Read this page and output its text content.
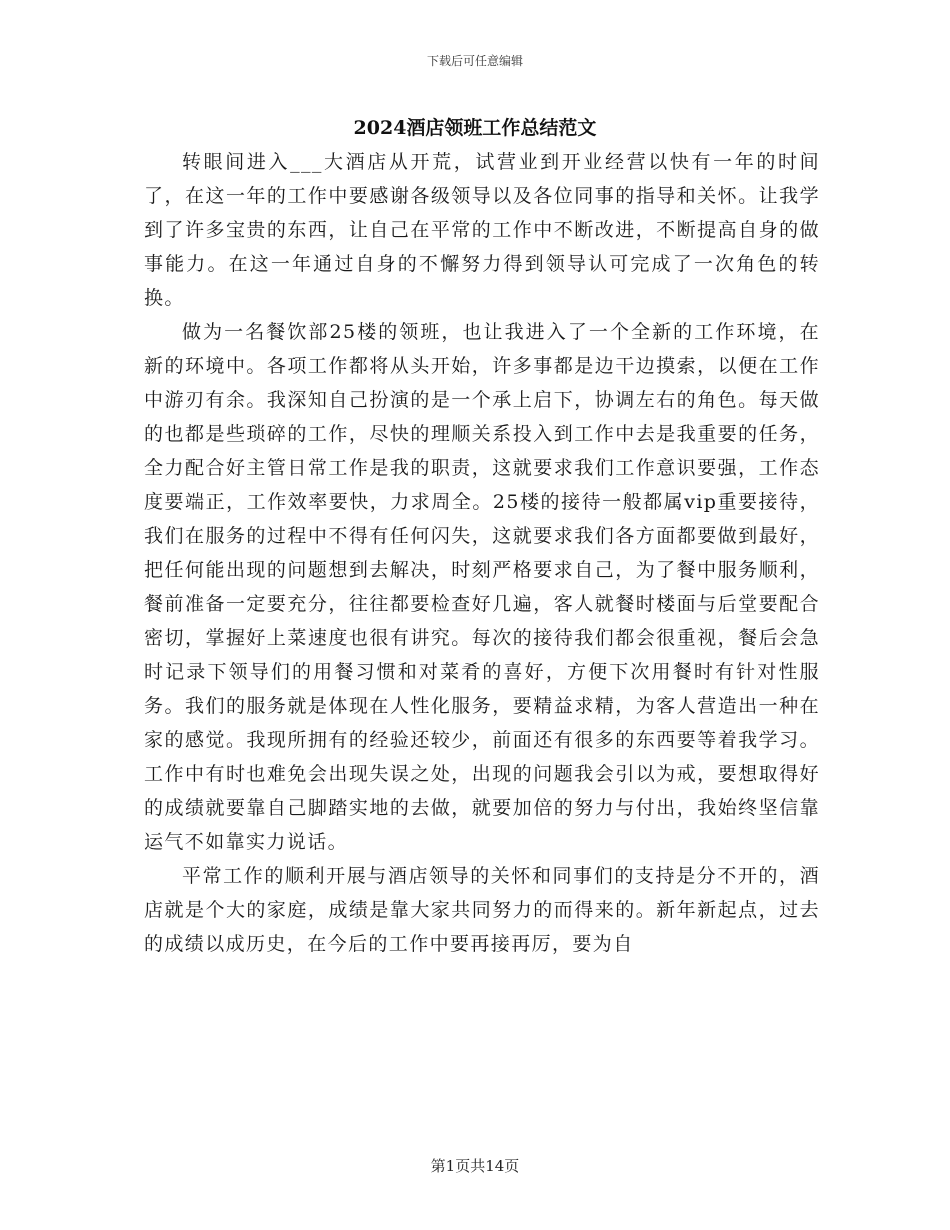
下载后可任意编辑
2024酒店领班工作总结范文

转眼间进入___大酒店从开荒，试营业到开业经营以快有一年的时间了，在这一年的工作中要感谢各级领导以及各位同事的指导和关怀。让我学到了许多宝贵的东西，让自己在平常的工作中不断改进，不断提高自身的做事能力。在这一年通过自身的不懈努力得到领导认可完成了一次角色的转换。

做为一名餐饮部25楼的领班，也让我进入了一个全新的工作环境，在新的环境中。各项工作都将从头开始，许多事都是边干边摸索，以便在工作中游刃有余。我深知自己扮演的是一个承上启下，协调左右的角色。每天做的也都是些琐碎的工作，尽快的理顺关系投入到工作中去是我重要的任务，全力配合好主管日常工作是我的职责，这就要求我们工作意识要强，工作态度要端正，工作效率要快，力求周全。25楼的接待一般都属vip重要接待，我们在服务的过程中不得有任何闪失，这就要求我们各方面都要做到最好，把任何能出现的问题想到去解决，时刻严格要求自己，为了餐中服务顺利，餐前准备一定要充分，往往都要检查好几遍，客人就餐时楼面与后堂要配合密切，掌握好上菜速度也很有讲究。每次的接待我们都会很重视，餐后会急时记录下领导们的用餐习惯和对菜肴的喜好，方便下次用餐时有针对性服务。我们的服务就是体现在人性化服务，要精益求精，为客人营造出一种在家的感觉。我现所拥有的经验还较少，前面还有很多的东西要等着我学习。工作中有时也难免会出现失误之处，出现的问题我会引以为戒，要想取得好的成绩就要靠自己脚踏实地的去做，就要加倍的努力与付出，我始终坚信靠运气不如靠实力说话。

平常工作的顺利开展与酒店领导的关怀和同事们的支持是分不开的，酒店就是个大的家庭，成绩是靠大家共同努力的而得来的。新年新起点，过去的成绩以成历史，在今后的工作中要再接再厉，要为自

第1页共14页
